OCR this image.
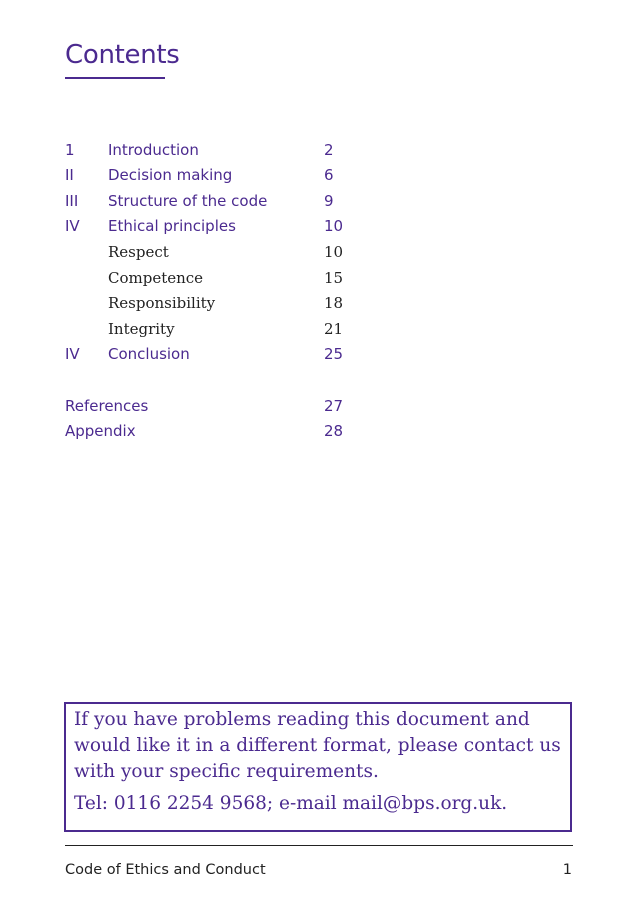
Contents
1 Introduction	2
II Decision making	6
III Structure of the code	9
IV Ethical principles	10
Respect	10
Competence	15
Responsibility	18
Integrity	21
IV Conclusion	25
References	27
Appendix	28

If you have problems reading this document and would like it in a different format, please contact us with your specific requirements.

Tel: 0116 2254 9568; e-mail mail@bps.org.uk.

Code of Ethics and Conduct	1
